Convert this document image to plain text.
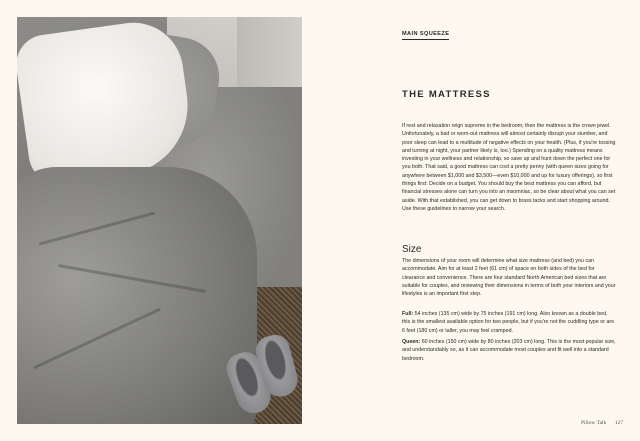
MAIN SQUEEZE
THE MATTRESS

If rest and relaxation reign supreme in the bedroom, then the mattress is the crown jewel. Unfortunately, a bad or worn-out mattress will almost certainly disrupt your slumber, and poor sleep can lead to a multitude of negative effects on your health. (Plus, if you're tossing and turning at night, your partner likely is, too.) Spending on a quality mattress means investing in your wellness and relationship, so save up and hunt down the perfect one for you both. That said, a good mattress can cost a pretty penny (with queen sizes going for anywhere between $1,000 and $3,500—even $10,000 and up for luxury offerings), so first things first: Decide on a budget. You should buy the best mattress you can afford, but financial stresses alone can turn you into an insomniac, so be clear about what you can set aside. With that established, you can get down to brass tacks and start shopping around. Use these guidelines to narrow your search.

Size

The dimensions of your room will determine what size mattress (and bed) you can accommodate. Aim for at least 2 feet (61 cm) of space on both sides of the bed for clearance and convenience. There are four standard North American bed sizes that are suitable for couples, and reviewing their dimensions in terms of both your interiors and your lifestyles is an important first step.

Full: 54 inches (135 cm) wide by 75 inches (191 cm) long. Also known as a double bed, this is the smallest available option for two people, but if you're not the cuddling type or are 6 feet (180 cm) or taller, you may feel cramped.

Queen: 60 inches (150 cm) wide by 80 inches (203 cm) long. This is the most popular size, and understandably so, as it can accommodate most couples and fit well into a standard bedroom.

Pillow Talk 127
